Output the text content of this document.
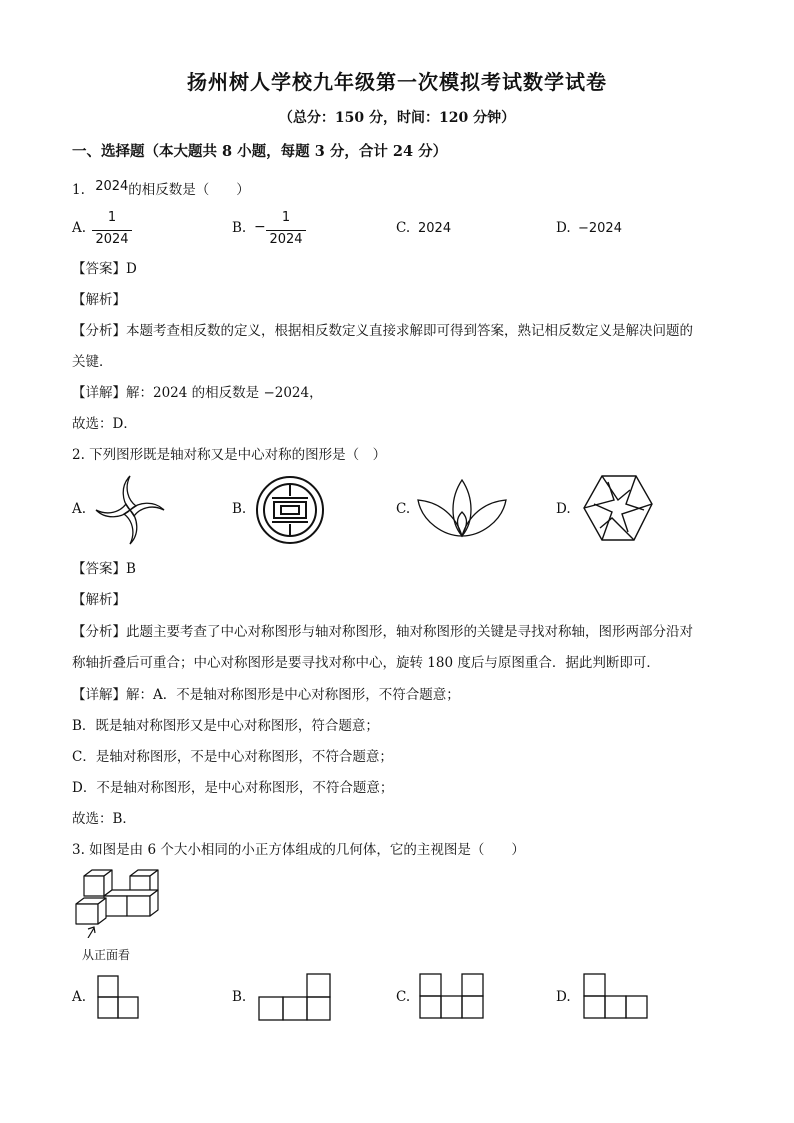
扬州树人学校九年级第一次模拟考试数学试卷
（总分：150 分，时间：120 分钟）
一、选择题（本大题共 8 小题，每题 3 分，合计 24 分）
1. 2024的相反数是（　　）
A.
1
2024
B. −
1
2024
C. 2024	D. −2024
【答案】D
【解析】
【分析】本题考查相反数的定义，根据相反数定义直接求解即可得到答案，熟记相反数定义是解决问题的
关键．
【详解】解：2024 的相反数是 −2024，
故选：D．
2. 下列图形既是轴对称又是中心对称的图形是（　）
A.	B.	C.	D.
【答案】B
【解析】
【分析】此题主要考查了中心对称图形与轴对称图形，轴对称图形的关键是寻找对称轴，图形两部分沿对
称轴折叠后可重合；中心对称图形是要寻找对称中心，旋转 180 度后与原图重合．据此判断即可．
【详解】解：A．不是轴对称图形是中心对称图形，不符合题意；
B．既是轴对称图形又是中心对称图形，符合题意；
C．是轴对称图形，不是中心对称图形，不符合题意；
D．不是轴对称图形，是中心对称图形，不符合题意；
故选：B．
3. 如图是由 6 个大小相同的小正方体组成的几何体，它的主视图是（　　）
从正面看
A.	B.	C.	D.
